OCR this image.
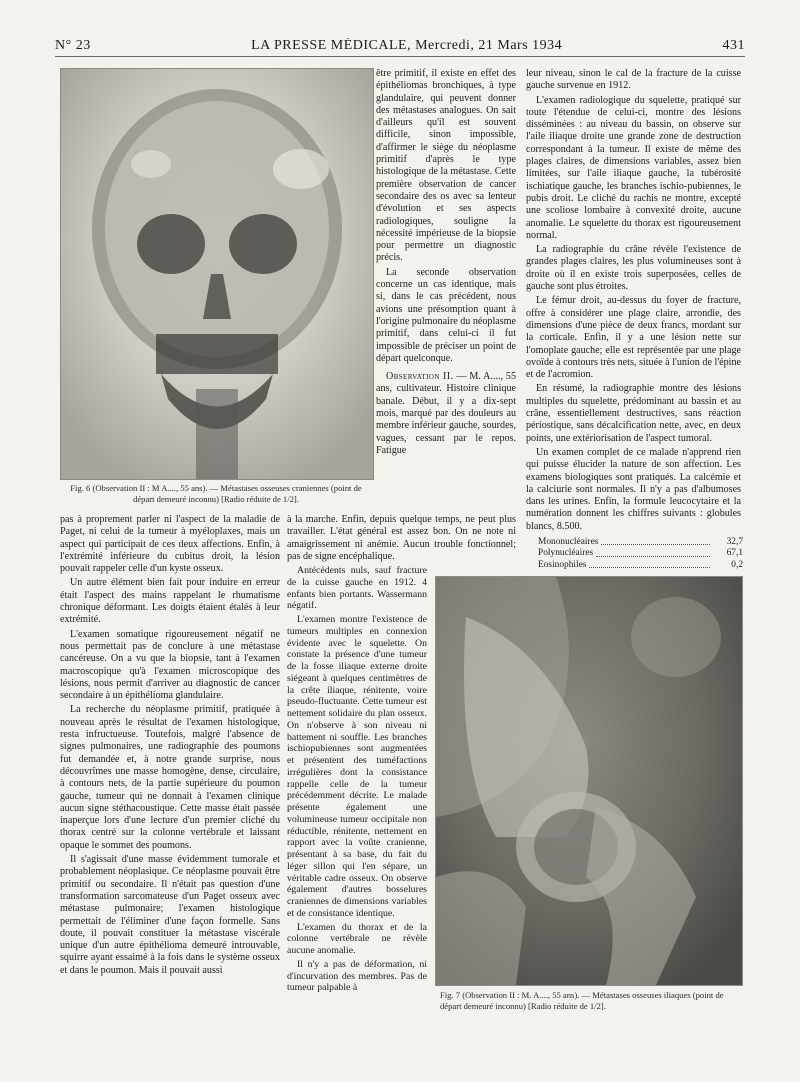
N° 23	LA PRESSE MÉDICALE, Mercredi, 21 Mars 1934	431
Fig. 6 (Observation II : M A...., 55 ans). — Métastases osseuses craniennes (point de départ demeuré inconnu) [Radio réduite de 1/2].

être primitif, il existe en effet des épithéliomas bronchiques, à type glandulaire, qui peuvent donner des métastases analogues. On sait d'ailleurs qu'il est souvent difficile, sinon impossible, d'affirmer le siège du néoplasme primitif d'après le type histologique de la métastase. Cette première observation de cancer secondaire des os avec sa lenteur d'évolution et ses aspects radiologiques, souligne la nécessité impérieuse de la biopsie pour permettre un diagnostic précis.

La seconde observation concerne un cas identique, mais si, dans le cas précédent, nous avions une présomption quant à l'origine pulmonaire du néoplasme primitif, dans celui-ci il fut impossible de préciser un point de départ quelconque.

Observation II. — M. A...., 55 ans, cultivateur. Histoire clinique banale. Début, il y a dix-sept mois, marqué par des douleurs au membre inférieur gauche, sourdes, vagues, cessant par le repos. Fatigue

pas à proprement parler ni l'aspect de la maladie de Paget, ni celui de la tumeur à myéloplaxes, mais un aspect qui participait de ces deux affections. Enfin, à l'extrémité inférieure du cubitus droit, la lésion pouvait rappeler celle d'un kyste osseux.

Un autre élément bien fait pour induire en erreur était l'aspect des mains rappelant le rhumatisme chronique déformant. Les doigts étaient étalés à leur extrémité.

L'examen somatique rigoureusement négatif ne nous permettait pas de conclure à une métastase cancéreuse. On a vu que la biopsie, tant à l'examen macroscopique qu'à l'examen microscopique des lésions, nous permit d'arriver au diagnostic de cancer secondaire à un épithélioma glandulaire.

La recherche du néoplasme primitif, pratiquée à nouveau après le résultat de l'examen histologique, resta infructueuse. Toutefois, malgré l'absence de signes pulmonaires, une radiographie des poumons fut demandée et, à notre grande surprise, nous découvrîmes une masse homogène, dense, circulaire, à contours nets, de la partie supérieure du poumon gauche, tumeur qui ne donnait à l'examen clinique aucun signe stéthacoustique. Cette masse était passée inaperçue lors d'une lecture d'un premier cliché du thorax centré sur la colonne vertébrale et laissant opaque le sommet des poumons.

Il s'agissait d'une masse évidemment tumorale et probablement néoplasique. Ce néoplasme pouvait être primitif ou secondaire. Il n'était pas question d'une transformation sarcomateuse d'un Paget osseux avec métastase pulmonaire; l'examen histologique permettait de l'éliminer d'une façon formelle. Sans doute, il pouvait constituer la métastase viscérale unique d'un autre épithélioma demeuré introuvable, squirre ayant essaimé à la fois dans le système osseux et dans le poumon. Mais il pouvait aussi

à la marche. Enfin, depuis quelque temps, ne peut plus travailler. L'état général est assez bon. On ne note ni amaigrissement ni anémie. Aucun trouble fonctionnel; pas de signe encéphalique.

Antécédents nuls, sauf fracture de la cuisse gauche en 1912. 4 enfants bien portants. Wassermann négatif.

L'examen montre l'existence de tumeurs multiples en connexion évidente avec le squelette. On constate la présence d'une tumeur de la fosse iliaque externe droite siégeant à quelques centimètres de la crête iliaque, rénitente, voire pseudo-fluctuante. Cette tumeur est nettement solidaire du plan osseux. On n'observe à son niveau ni battement ni souffle. Les branches ischiopubiennes sont augmentées et présentent des tuméfactions irrégulières dont la consistance rappelle celle de la tumeur précédemment décrite. Le malade présente également une volumineuse tumeur occipitale non réductible, rénitente, nettement en rapport avec la voûte cranienne, présentant à sa base, du fait du léger sillon qui l'en sépare, un véritable cadre osseux. On observe également d'autres bosselures craniennes de dimensions variables et de consistance identique.

L'examen du thorax et de la colonne vertébrale ne révèle aucune anomalie.

Il n'y a pas de déformation, ni d'incurvation des membres. Pas de tumeur palpable à

leur niveau, sinon le cal de la fracture de la cuisse gauche survenue en 1912.

L'examen radiologique du squelette, pratiqué sur toute l'étendue de celui-ci, montre des lésions disséminées : au niveau du bassin, on observe sur l'aile iliaque droite une grande zone de destruction correspondant à la tumeur. Il existe de même des plages claires, de dimensions variables, assez bien limitées, sur l'aile iliaque gauche, la tubérosité ischiatique gauche, les branches ischio-pubiennes, le pubis droit. Le cliché du rachis ne montre, excepté une scoliose lombaire à convexité droite, aucune anomalie. Le squelette du thorax est rigoureusement normal.

La radiographie du crâne révèle l'existence de grandes plages claires, les plus volumineuses sont à droite où il en existe trois superposées, celles de gauche sont plus étroites.

Le fémur droit, au-dessus du foyer de fracture, offre à considérer une plage claire, arrondie, des dimensions d'une pièce de deux francs, mordant sur la corticale. Enfin, il y a une lésion nette sur l'omoplate gauche; elle est représentée par une plage ovoïde à contours très nets, située à l'union de l'épine et de l'acromion.

En résumé, la radiographie montre des lésions multiples du squelette, prédominant au bassin et au crâne, essentiellement destructives, sans réaction périostique, sans décalcification nette, avec, en deux points, une extériorisation de l'aspect tumoral.

Un examen complet de ce malade n'apprend rien qui puisse élucider la nature de son affection. Les examens biologiques sont pratiqués. La calcémie et la calciurie sont normales. Il n'y a pas d'albumoses dans les urines. Enfin, la formule leucocytaire et la numération donnent les chiffres suivants : globules blancs, 8.500.

Mononucléaires	32,7
Polynucléaires	67,1
Eosinophiles	0,2

Fig. 7 (Observation II : M. A...., 55 ans). — Métastases osseuses iliaques (point de départ demeuré inconnu) [Radio réduite de 1/2].
